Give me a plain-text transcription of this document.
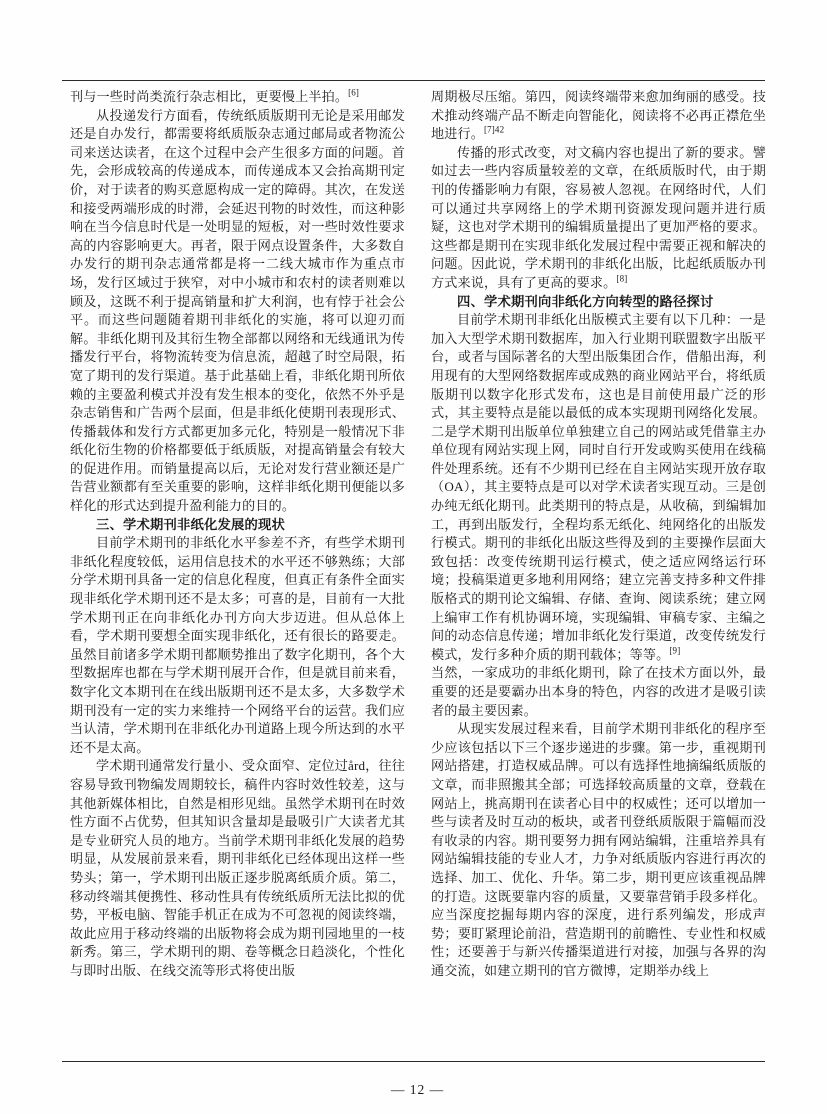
刊与一些时尚类流行杂志相比，更要慢上半拍。[6]

从投递发行方面看，传统纸质版期刊无论是采用邮发还是自办发行，都需要将纸质版杂志通过邮局或者物流公司来送达读者，在这个过程中会产生很多方面的问题。首先，会形成较高的传递成本，而传递成本又会抬高期刊定价，对于读者的购买意愿构成一定的障碍。其次，在发送和接受两端形成的时滞，会延迟刊物的时效性，而这种影响在当今信息时代是一处明显的短板，对一些时效性要求高的内容影响更大。再者，限于网点设置条件，大多数自办发行的期刊杂志通常都是将一二线大城市作为重点市场，发行区域过于狭窄，对中小城市和农村的读者则难以顾及，这既不利于提高销量和扩大利润，也有悖于社会公平。而这些问题随着期刊非纸化的实施，将可以迎刃而解。非纸化期刊及其衍生物全部都以网络和无线通讯为传播发行平台，将物流转变为信息流，超越了时空局限，拓宽了期刊的发行渠道。基于此基础上看，非纸化期刊所依赖的主要盈利模式并没有发生根本的变化，依然不外乎是杂志销售和广告两个层面，但是非纸化使期刊表现形式、传播载体和发行方式都更加多元化，特别是一般情况下非纸化衍生物的价格都要低于纸质版，对提高销量会有较大的促进作用。而销量提高以后，无论对发行营业额还是广告营业额都有至关重要的影响，这样非纸化期刊便能以多样化的形式达到提升盈利能力的目的。

三、学术期刊非纸化发展的现状

目前学术期刊的非纸化水平参差不齐，有些学术期刊非纸化程度较低，运用信息技术的水平还不够熟练；大部分学术期刊具备一定的信息化程度，但真正有条件全面实现非纸化学术期刊还不是太多；可喜的是，目前有一大批学术期刊正在向非纸化办刊方向大步迈进。但从总体上看，学术期刊要想全面实现非纸化，还有很长的路要走。虽然目前诸多学术期刊都顺势推出了数字化期刊，各个大型数据库也都在与学术期刊展开合作，但是就目前来看，数字化文本期刊在在线出版期刊还不是太多，大多数学术期刊没有一定的实力来维持一个网络平台的运营。我们应当认清，学术期刊在非纸化办刊道路上现今所达到的水平还不是太高。

学术期刊通常发行量小、受众面窄、定位过ård，往往容易导致刊物编发周期较长，稿件内容时效性较差，这与其他新媒体相比，自然是相形见绌。虽然学术期刊在时效性方面不占优势，但其知识含量却是最吸引广大读者尤其是专业研究人员的地方。当前学术期刊非纸化发展的趋势明显，从发展前景来看，期刊非纸化已经体现出这样一些势头；第一，学术期刊出版正逐步脱离纸质介质。第二，移动终端其便携性、移动性具有传统纸质所无法比拟的优势，平板电脑、智能手机正在成为不可忽视的阅读终端，故此应用于移动终端的出版物将会成为期刊园地里的一枝新秀。第三，学术期刊的期、卷等概念日趋淡化，个性化与即时出版、在线交流等形式将使出版

周期极尽压缩。第四，阅读终端带来愈加绚丽的感受。技术推动终端产品不断走向智能化，阅读将不必再正襟危坐地进行。$^{[7]42}$

传播的形式改变，对文稿内容也提出了新的要求。譬如过去一些内容质量较差的文章，在纸质版时代，由于期刊的传播影响力有限，容易被人忽视。在网络时代，人们可以通过共享网络上的学术期刊资源发现问题并进行质疑，这也对学术期刊的编辑质量提出了更加严格的要求。这些都是期刊在实现非纸化发展过程中需要正视和解决的问题。因此说，学术期刊的非纸化出版，比起纸质版办刊方式来说，具有了更高的要求。[8]

四、学术期刊向非纸化方向转型的路径探讨

目前学术期刊非纸化出版模式主要有以下几种：一是加入大型学术期刊数据库，加入行业期刊联盟数字出版平台，或者与国际著名的大型出版集团合作，借船出海，利用现有的大型网络数据库或成熟的商业网站平台，将纸质版期刊以数字化形式发布，这也是目前使用最广泛的形式，其主要特点是能以最低的成本实现期刊网络化发展。二是学术期刊出版单位单独建立自己的网站或凭借靠主办单位现有网站实现上网，同时自行开发或购买使用在线稿件处理系统。还有不少期刊已经在自主网站实现开放存取（OA），其主要特点是可以对学术读者实现互动。三是创办纯无纸化期刊。此类期刊的特点是，从收稿，到编辑加工，再到出版发行，全程均系无纸化、纯网络化的出版发行模式。期刊的非纸化出版这些得及到的主要操作层面大致包括：改变传统期刊运行模式，使之适应网络运行环境；投稿渠道更多地利用网络；建立完善支持多种文件排版格式的期刊论文编辑、存储、查询、阅读系统；建立网上编审工作有机协调环境，实现编辑、审稿专家、主编之间的动态信息传递；增加非纸化发行渠道，改变传统发行模式，发行多种介质的期刊载体；等等。[9]

当然，一家成功的非纸化期刊，除了在技术方面以外，最重要的还是要霸办出本身的特色，内容的改进才是吸引读者的最主要因素。

从现实发展过程来看，目前学术期刊非纸化的程序至少应该包括以下三个逐步递进的步骤。第一步，重视期刊网站搭建，打造权威品牌。可以有选择性地摘编纸质版的文章，而非照搬其全部；可选择较高质量的文章，登载在网站上，挑高期刊在读者心目中的权威性；还可以增加一些与读者及时互动的板块，或者刊登纸质版限于篇幅而没有收录的内容。期刊要努力拥有网站编辑，注重培养具有网站编辑技能的专业人才，力争对纸质版内容进行再次的选择、加工、优化、升华。第二步，期刊更应该重视品牌的打造。这既要靠内容的质量，又要靠营销手段多样化。应当深度挖掘每期内容的深度，进行系列编发，形成声势；要盯紧理论前沿，营造期刊的前瞻性、专业性和权威性；还要善于与新兴传播渠道进行对接，加强与各界的沟通交流，如建立期刊的官方微博，定期举办线上

— 12 —
